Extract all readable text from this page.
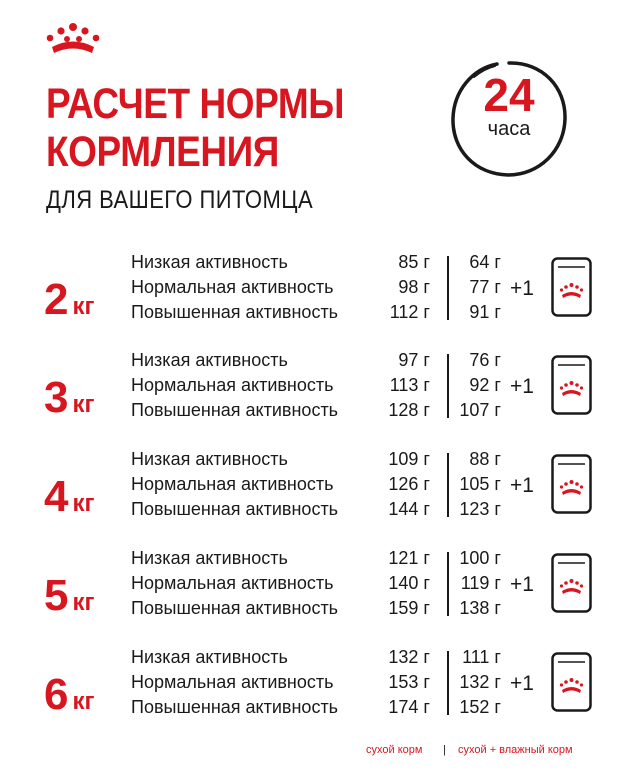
РАСЧЕТ НОРМЫ
КОРМЛЕНИЯ
ДЛЯ ВАШЕГО ПИТОМЦА
24
часа
2 кг
Низкая активность	85 г	64 г
Нормальная активность	98 г	77 г
Повышенная активность	112 г	91 г
+1
3 кг
Низкая активность	97 г	76 г
Нормальная активность	113 г	92 г
Повышенная активность	128 г	107 г
+1
4 кг
Низкая активность	109 г	88 г
Нормальная активность	126 г	105 г
Повышенная активность	144 г	123 г
+1
5 кг
Низкая активность	121 г	100 г
Нормальная активность	140 г	119 г
Повышенная активность	159 г	138 г
+1
6 кг
Низкая активность	132 г	111 г
Нормальная активность	153 г	132 г
Повышенная активность	174 г	152 г
+1
сухой корм | сухой + влажный корм
